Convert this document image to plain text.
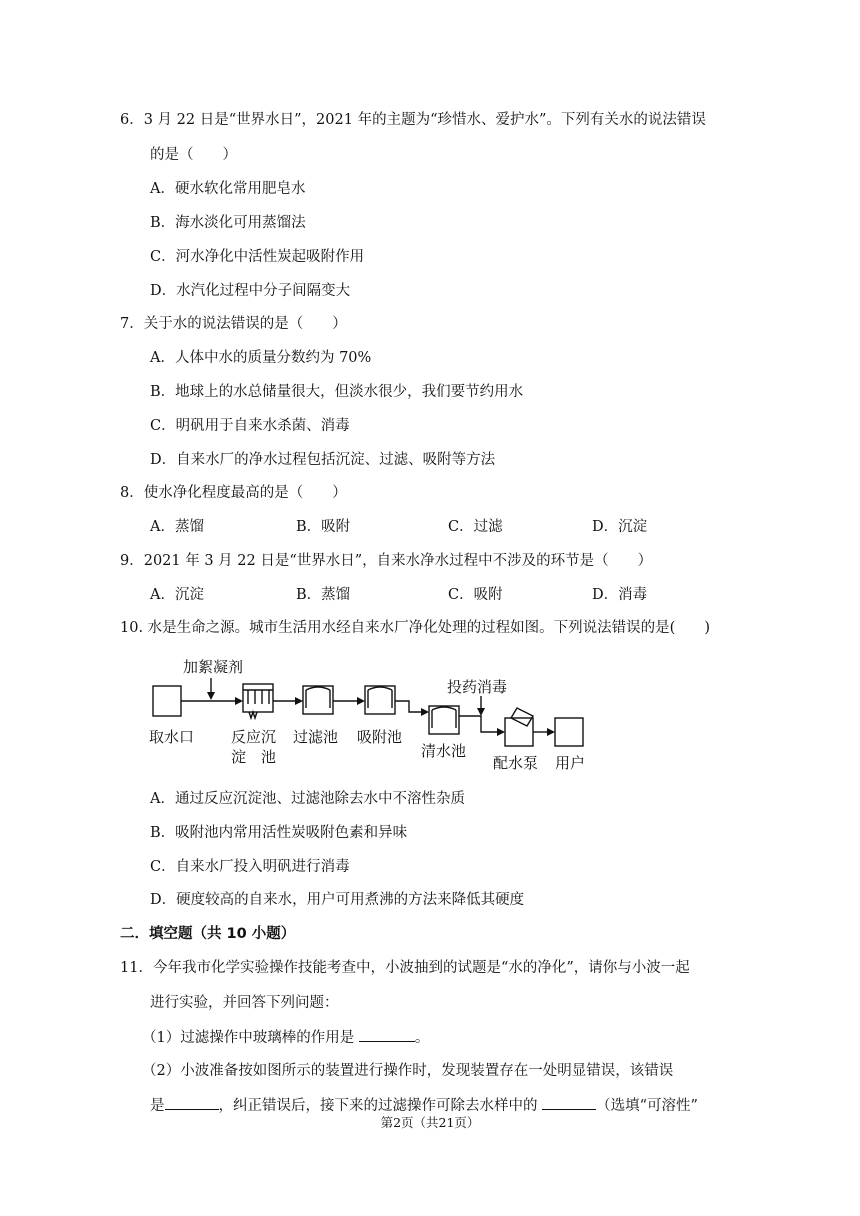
6．3 月 22 日是“世界水日”，2021 年的主题为“珍惜水、爱护水”。下列有关水的说法错误
的是（　　）
A．硬水软化常用肥皂水
B．海水淡化可用蒸馏法
C．河水净化中活性炭起吸附作用
D．水汽化过程中分子间隔变大
7．关于水的说法错误的是（　　）
A．人体中水的质量分数约为 70%
B．地球上的水总储量很大，但淡水很少，我们要节约用水
C．明矾用于自来水杀菌、消毒
D．自来水厂的净水过程包括沉淀、过滤、吸附等方法
8．使水净化程度最高的是（　　）
A．蒸馏	B．吸附	C．过滤	D．沉淀
9．2021 年 3 月 22 日是“世界水日”，自来水净水过程中不涉及的环节是（　　）
A．沉淀	B．蒸馏	C．吸附	D．消毒
10. 水是生命之源。城市生活用水经自来水厂净化处理的过程如图。下列说法错误的是(　　)
加絮凝剂
投药消毒
取水口 反应沉
淀　池
过滤池 吸附池
清水池
配水泵 用户
A．通过反应沉淀池、过滤池除去水中不溶性杂质
B．吸附池内常用活性炭吸附色素和异味
C．自来水厂投入明矾进行消毒
D．硬度较高的自来水，用户可用煮沸的方法来降低其硬度
二．填空题（共 10 小题）
11．今年我市化学实验操作技能考查中，小波抽到的试题是“水的净化”，请你与小波一起
进行实验，并回答下列问题：
（1）过滤操作中玻璃棒的作用是	。
（2）小波准备按如图所示的装置进行操作时，发现装置存在一处明显错误，该错误
是	，纠正错误后，接下来的过滤操作可除去水样中的	（选填“可溶性”
第2页（共21页）
